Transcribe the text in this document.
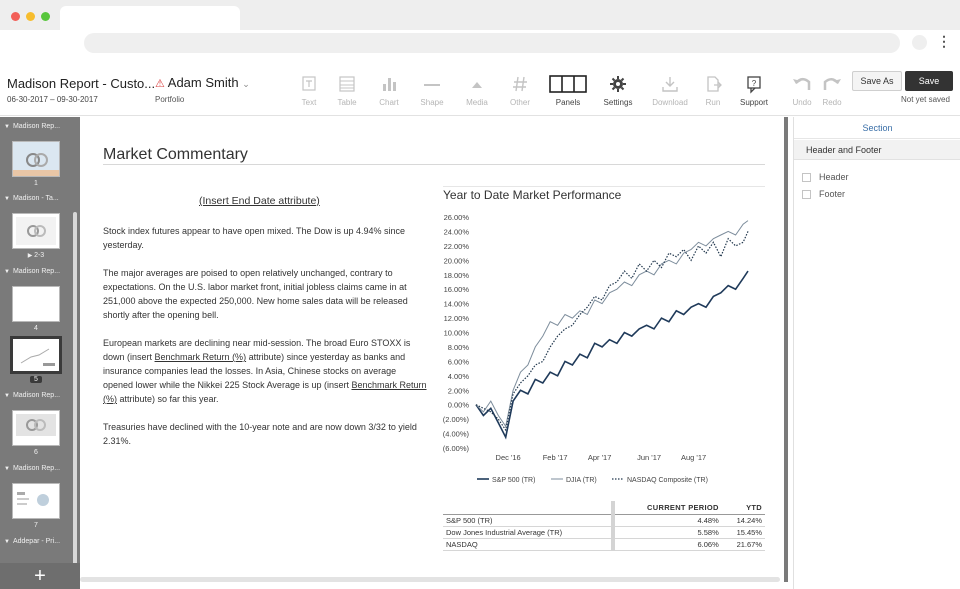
⋮
Madison Report - Custo...
06-30-2017 – 09-30-2017
⚠ Adam Smith ⌄
Portfolio	Text	Table	Chart	Shape	Media	Other	Panels	Settings	Download	Run
?
Support	Undo	Redo
Save As	Save
Not yet saved
▼ Madison Rep...
1
▼ Madison - Ta...
▶ 2-3
▼ Madison Rep...
4
5
▼ Madison Rep...
6
▼ Madison Rep...
7
▼ Addepar - Pri...
+
Market Commentary
(Insert End Date attribute)
Stock index futures appear to have open mixed. The Dow is up 4.94% since yesterday.
The major averages are poised to open relatively unchanged, contrary to expectations. On the U.S. labor market front, initial jobless claims came in at 251,000 above the expected 250,000. New home sales data will be released shortly after the opening bell.
European markets are declining near mid-session. The broad Euro STOXX is down (insert Benchmark Return (%) attribute) since yesterday as banks and insurance companies lead the losses. In Asia, Chinese stocks on average opened lower while the Nikkei 225 Stock Average is up (insert Benchmark Return (%) attribute) so far this year.
Treasuries have declined with the 10-year note and are now down 3/32 to yield 2.31%.
Year to Date Market Performance
26.00%
24.00%
22.00%
20.00%
18.00%
16.00%
14.00%
12.00%
10.00%
8.00%
6.00%
4.00%
2.00%
0.00%
(2.00%)
(4.00%)
(6.00%)
Dec '16	Feb '17	Apr '17	Jun '17	Aug '17
S&P 500 (TR)	DJIA (TR)	NASDAQ Composite (TR)
		CURRENT PERIOD	YTD
S&P 500 (TR)		4.48%	14.24%
Dow Jones Industrial Average (TR)		5.58%	15.45%
NASDAQ		6.06%	21.67%
Section
Header and Footer
Header
Footer
